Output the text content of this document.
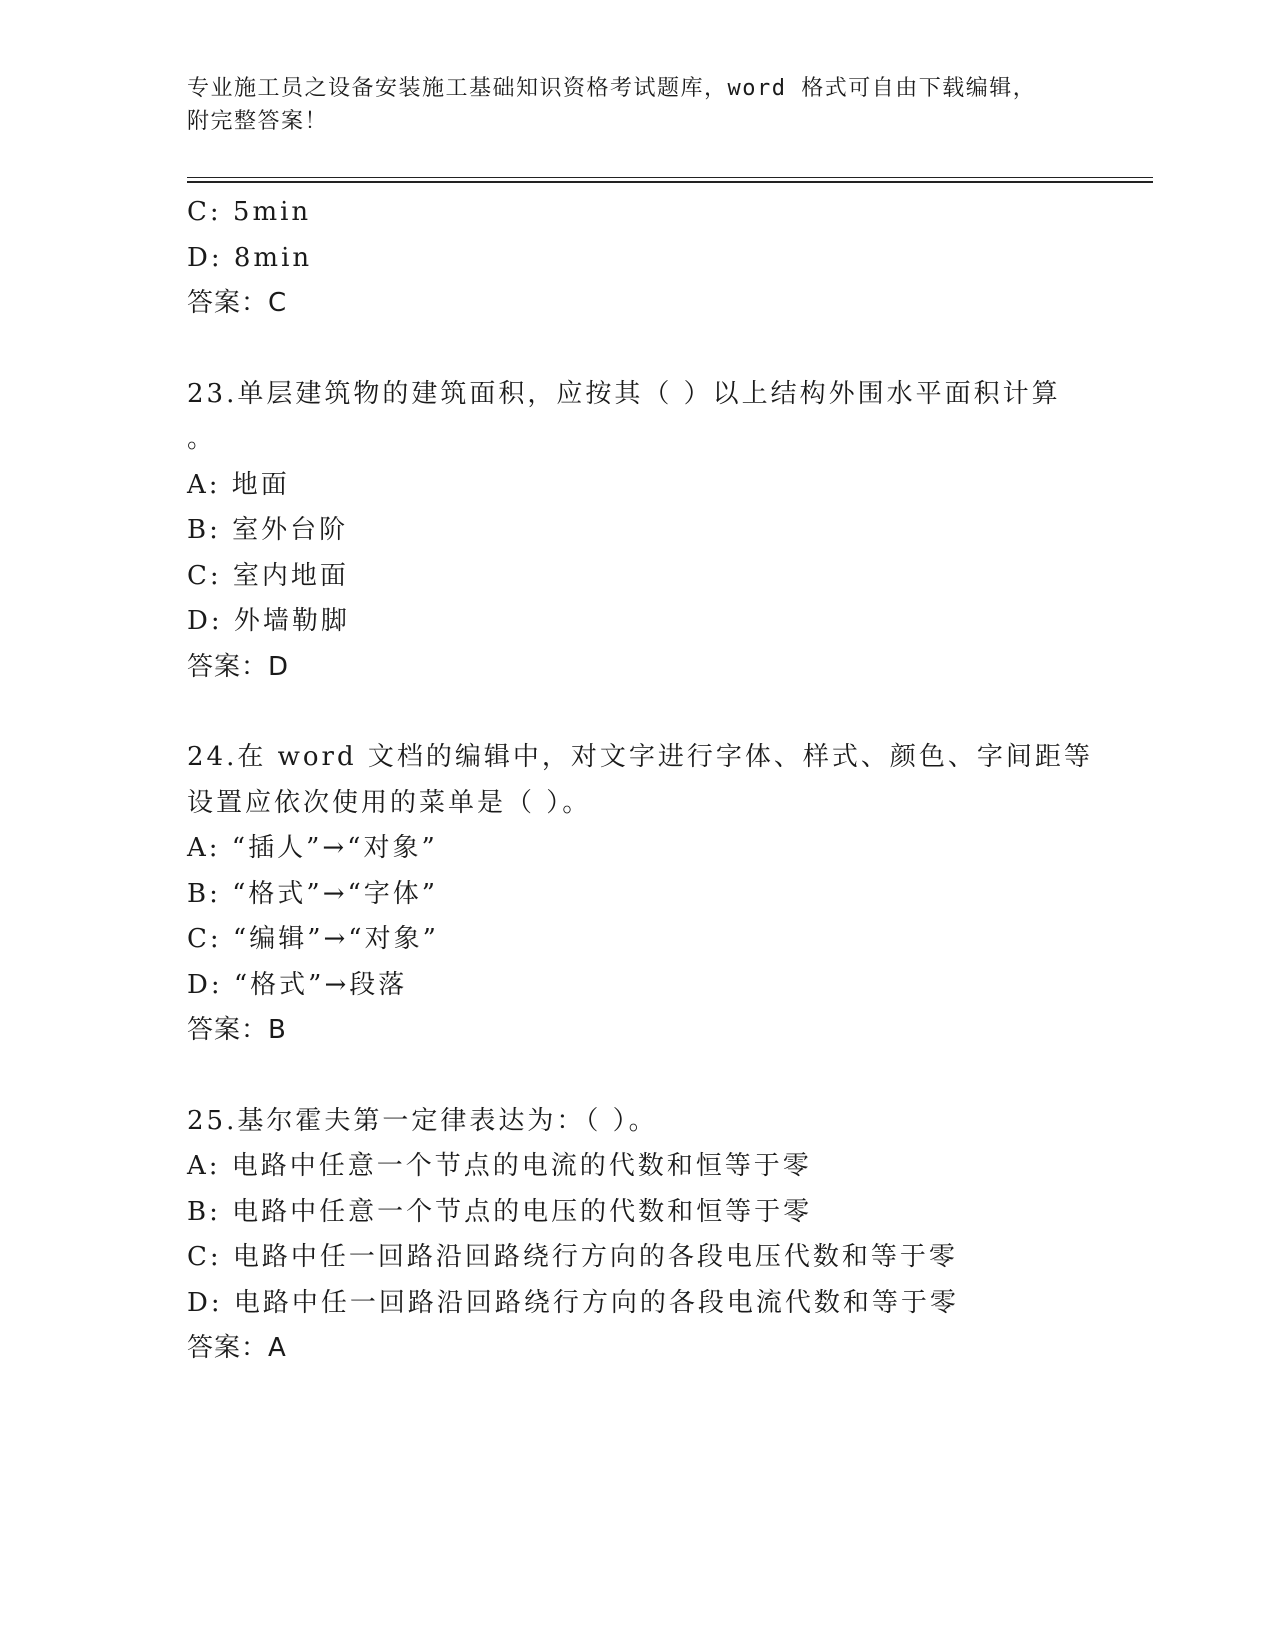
专业施工员之设备安装施工基础知识资格考试题库，word 格式可自由下载编辑，
附完整答案！
C: 5min
D: 8min
答案：C
23.单层建筑物的建筑面积，应按其（ ）以上结构外围水平面积计算
。
A: 地面
B: 室外台阶
C: 室内地面
D: 外墙勒脚
答案：D
24.在 word 文档的编辑中，对文字进行字体、样式、颜色、字间距等
设置应依次使用的菜单是（ ）。
A: “插人”→“对象”
B: “格式”→“字体”
C: “编辑”→“对象”
D: “格式”→段落
答案：B
25.基尔霍夫第一定律表达为：（ ）。
A: 电路中任意一个节点的电流的代数和恒等于零
B: 电路中任意一个节点的电压的代数和恒等于零
C: 电路中任一回路沿回路绕行方向的各段电压代数和等于零
D: 电路中任一回路沿回路绕行方向的各段电流代数和等于零
答案：A
